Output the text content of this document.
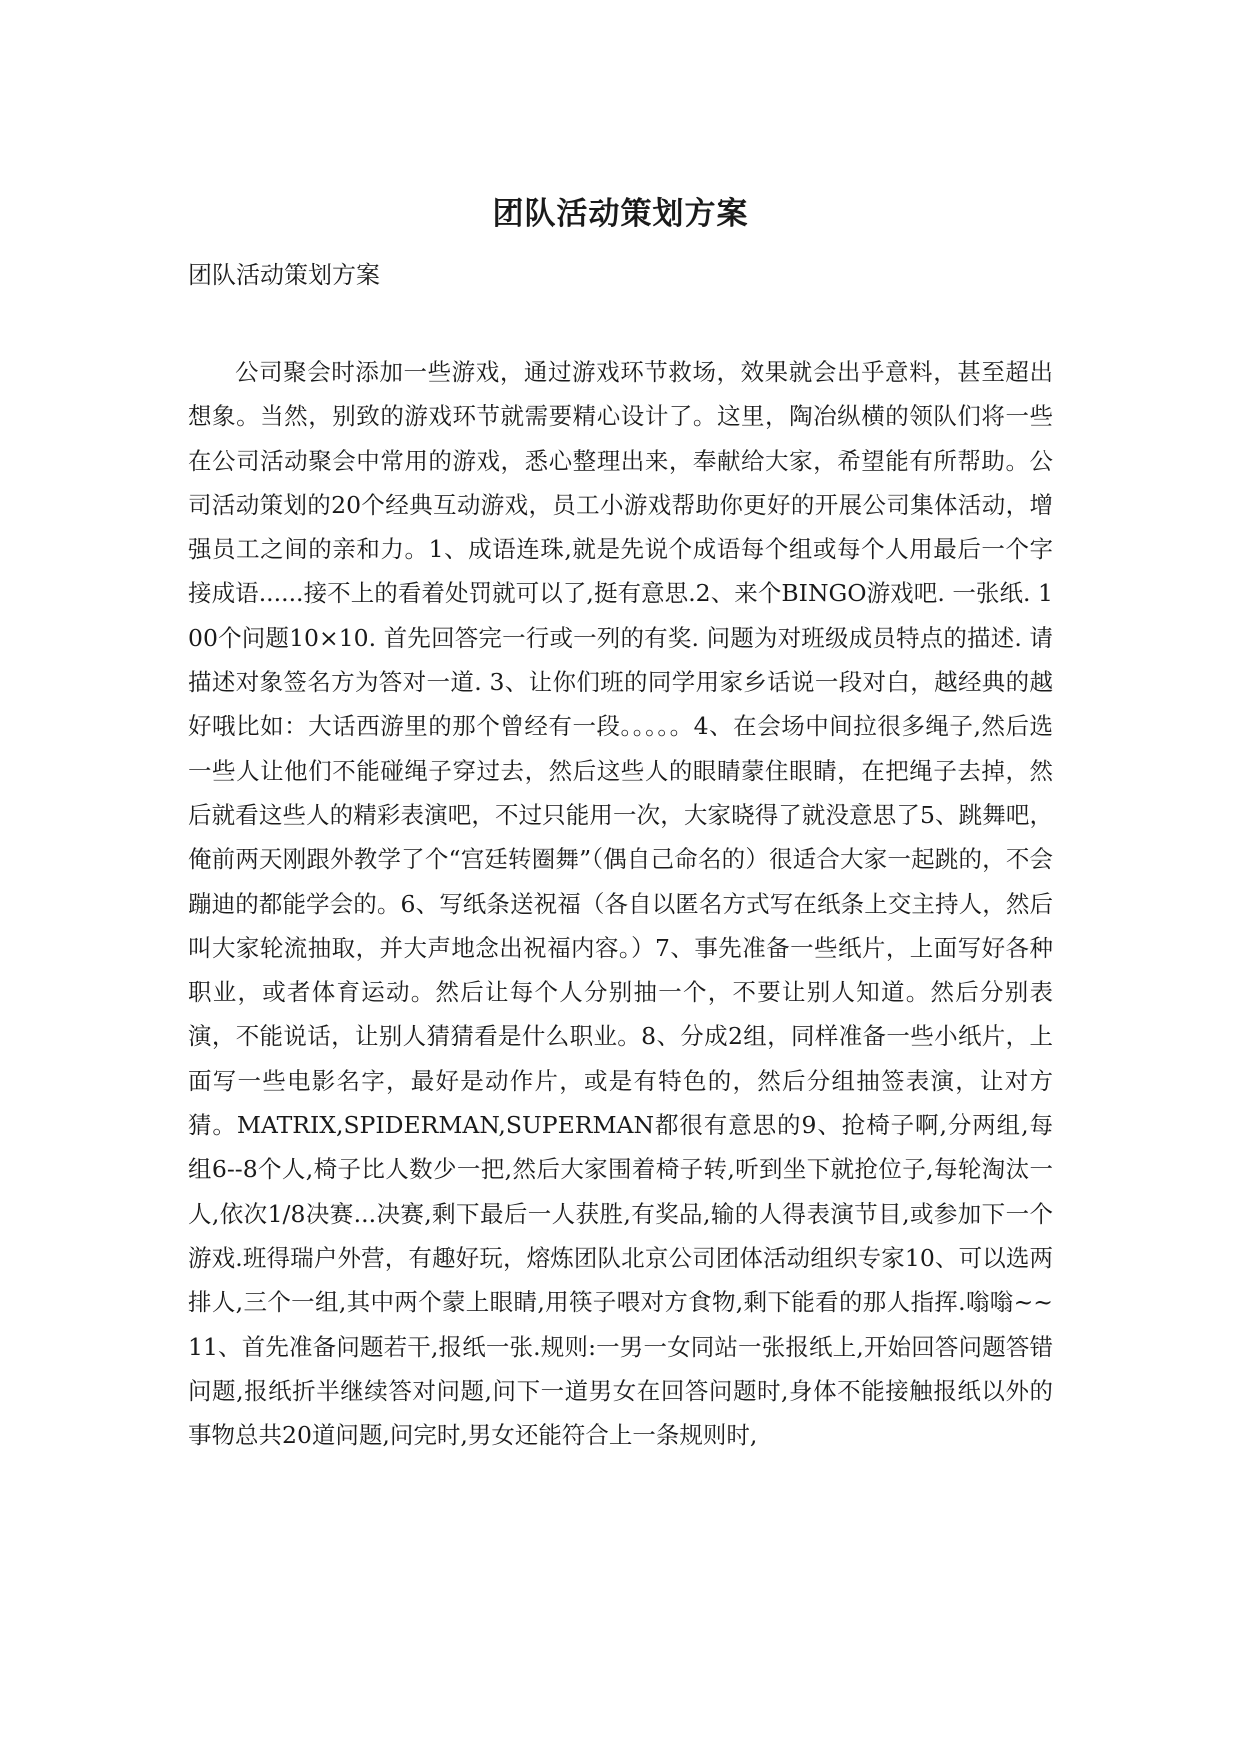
团队活动策划方案

团队活动策划方案

公司聚会时添加一些游戏，通过游戏环节救场，效果就会出乎意料，甚至超出想象。当然，别致的游戏环节就需要精心设计了。这里，陶冶纵横的领队们将一些在公司活动聚会中常用的游戏，悉心整理出来，奉献给大家，希望能有所帮助。公司活动策划的20个经典互动游戏，员工小游戏帮助你更好的开展公司集体活动，增强员工之间的亲和力。1、成语连珠,就是先说个成语每个组或每个人用最后一个字接成语......接不上的看着处罚就可以了,挺有意思.2、来个BINGO游戏吧. 一张纸. 100个问题10×10. 首先回答完一行或一列的有奖. 问题为对班级成员特点的描述. 请描述对象签名方为答对一道. 3、让你们班的同学用家乡话说一段对白，越经典的越好哦比如：大话西游里的那个曾经有一段。。。。。4、在会场中间拉很多绳子,然后选一些人让他们不能碰绳子穿过去，然后这些人的眼睛蒙住眼睛，在把绳子去掉，然后就看这些人的精彩表演吧，不过只能用一次，大家晓得了就没意思了5、跳舞吧，俺前两天刚跟外教学了个“宫廷转圈舞”（偶自己命名的）很适合大家一起跳的，不会蹦迪的都能学会的。6、写纸条送祝福（各自以匿名方式写在纸条上交主持人，然后叫大家轮流抽取，并大声地念出祝福内容。）7、事先准备一些纸片，上面写好各种职业，或者体育运动。然后让每个人分别抽一个，不要让别人知道。然后分别表演，不能说话，让别人猜猜看是什么职业。8、分成2组，同样准备一些小纸片，上面写一些电影名字，最好是动作片，或是有特色的，然后分组抽签表演，让对方猜。MATRIX,SPIDERMAN,SUPERMAN都很有意思的9、抢椅子啊,分两组,每组6--8个人,椅子比人数少一把,然后大家围着椅子转,听到坐下就抢位子,每轮淘汰一人,依次1/8决赛...决赛,剩下最后一人获胜,有奖品,输的人得表演节目,或参加下一个游戏.班得瑞户外营，有趣好玩，熔炼团队北京公司团体活动组织专家10、可以选两排人,三个一组,其中两个蒙上眼睛,用筷子喂对方食物,剩下能看的那人指挥.嗡嗡~~11、首先准备问题若干,报纸一张.规则:一男一女同站一张报纸上,开始回答问题答错问题,报纸折半继续答对问题,问下一道男女在回答问题时,身体不能接触报纸以外的事物总共20道问题,问完时,男女还能符合上一条规则时,
